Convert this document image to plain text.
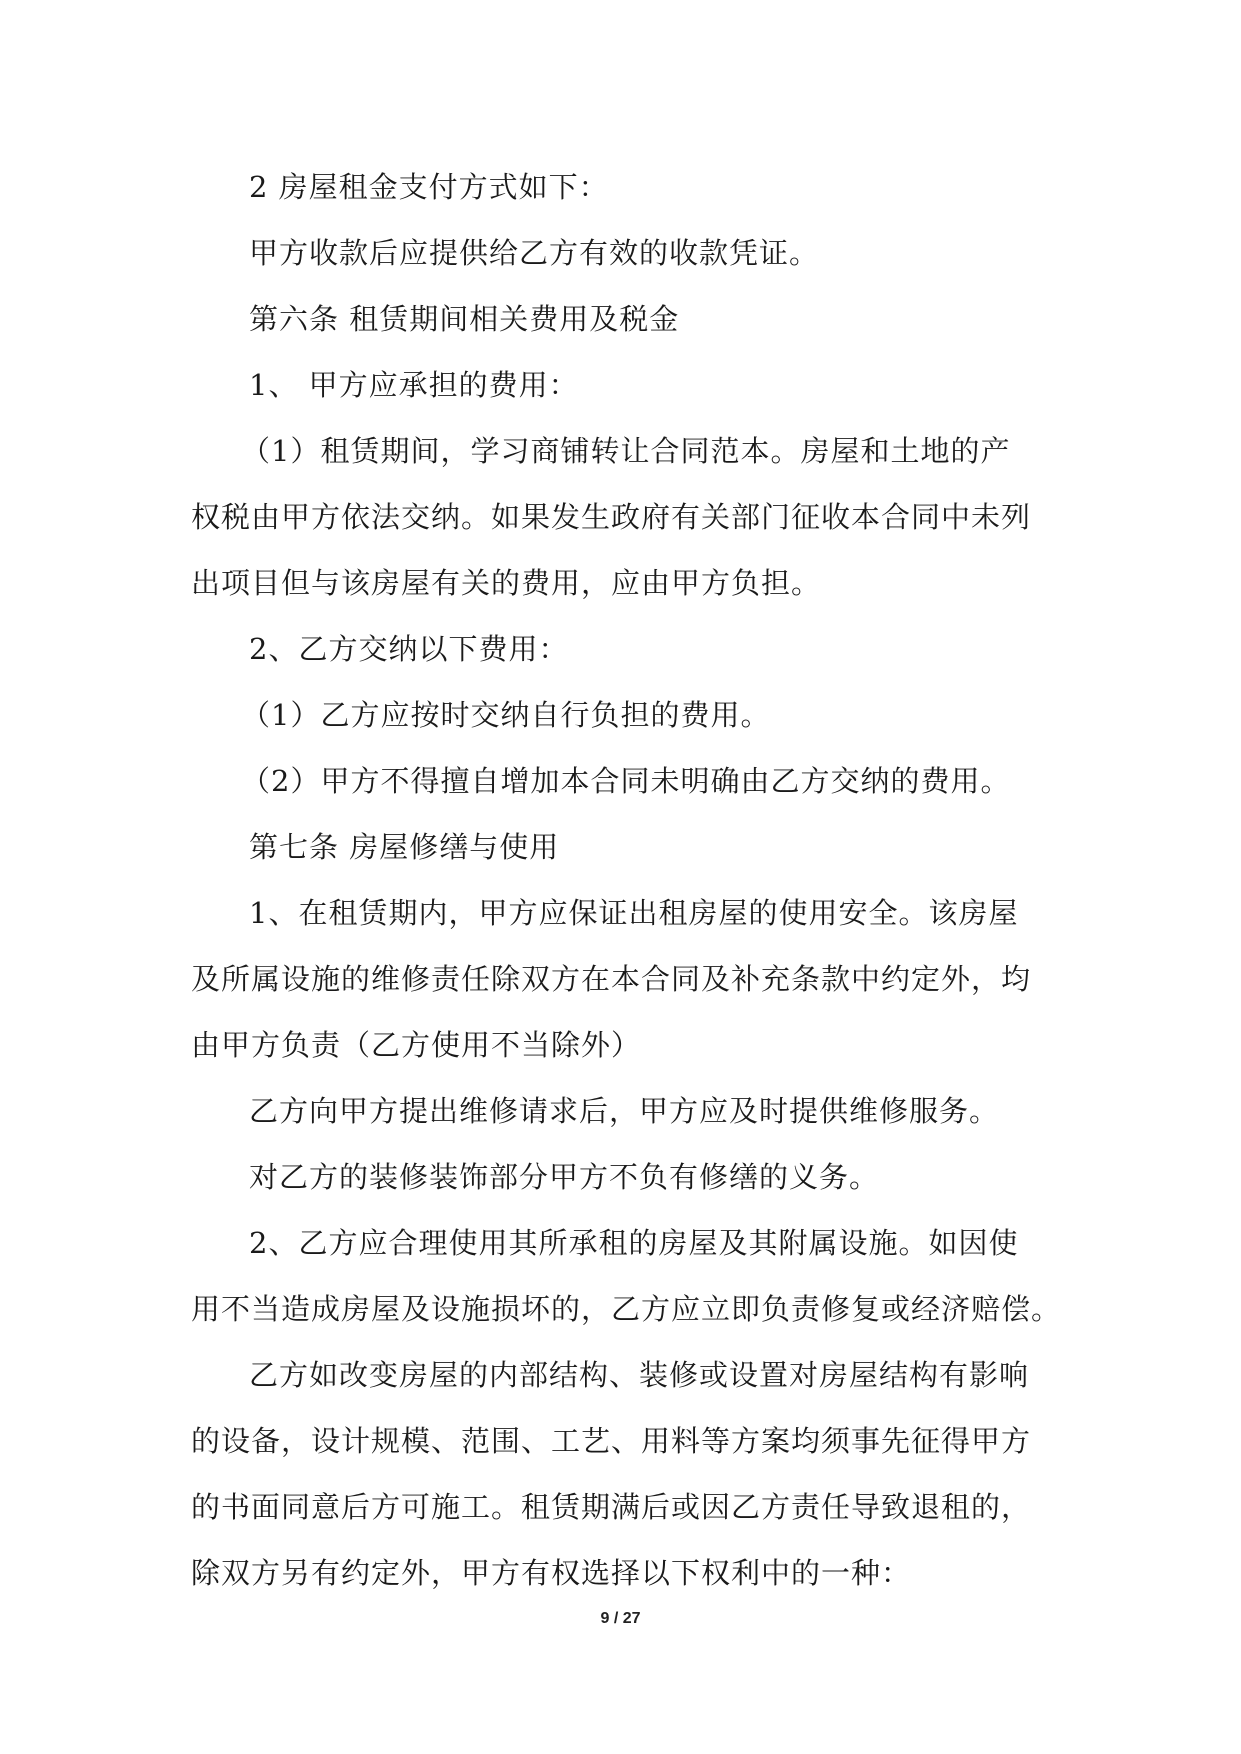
2 房屋租金支付方式如下：
甲方收款后应提供给乙方有效的收款凭证。
第六条 租赁期间相关费用及税金
1、 甲方应承担的费用：
（1）租赁期间，学习商铺转让合同范本。房屋和土地的产
权税由甲方依法交纳。如果发生政府有关部门征收本合同中未列
出项目但与该房屋有关的费用，应由甲方负担。
2、乙方交纳以下费用：
（1）乙方应按时交纳自行负担的费用。
（2）甲方不得擅自增加本合同未明确由乙方交纳的费用。
第七条 房屋修缮与使用
1、在租赁期内，甲方应保证出租房屋的使用安全。该房屋
及所属设施的维修责任除双方在本合同及补充条款中约定外，均
由甲方负责（乙方使用不当除外）
乙方向甲方提出维修请求后，甲方应及时提供维修服务。
对乙方的装修装饰部分甲方不负有修缮的义务。
2、乙方应合理使用其所承租的房屋及其附属设施。如因使
用不当造成房屋及设施损坏的，乙方应立即负责修复或经济赔偿。
乙方如改变房屋的内部结构、装修或设置对房屋结构有影响
的设备，设计规模、范围、工艺、用料等方案均须事先征得甲方
的书面同意后方可施工。租赁期满后或因乙方责任导致退租的，
除双方另有约定外，甲方有权选择以下权利中的一种：
9 / 27
